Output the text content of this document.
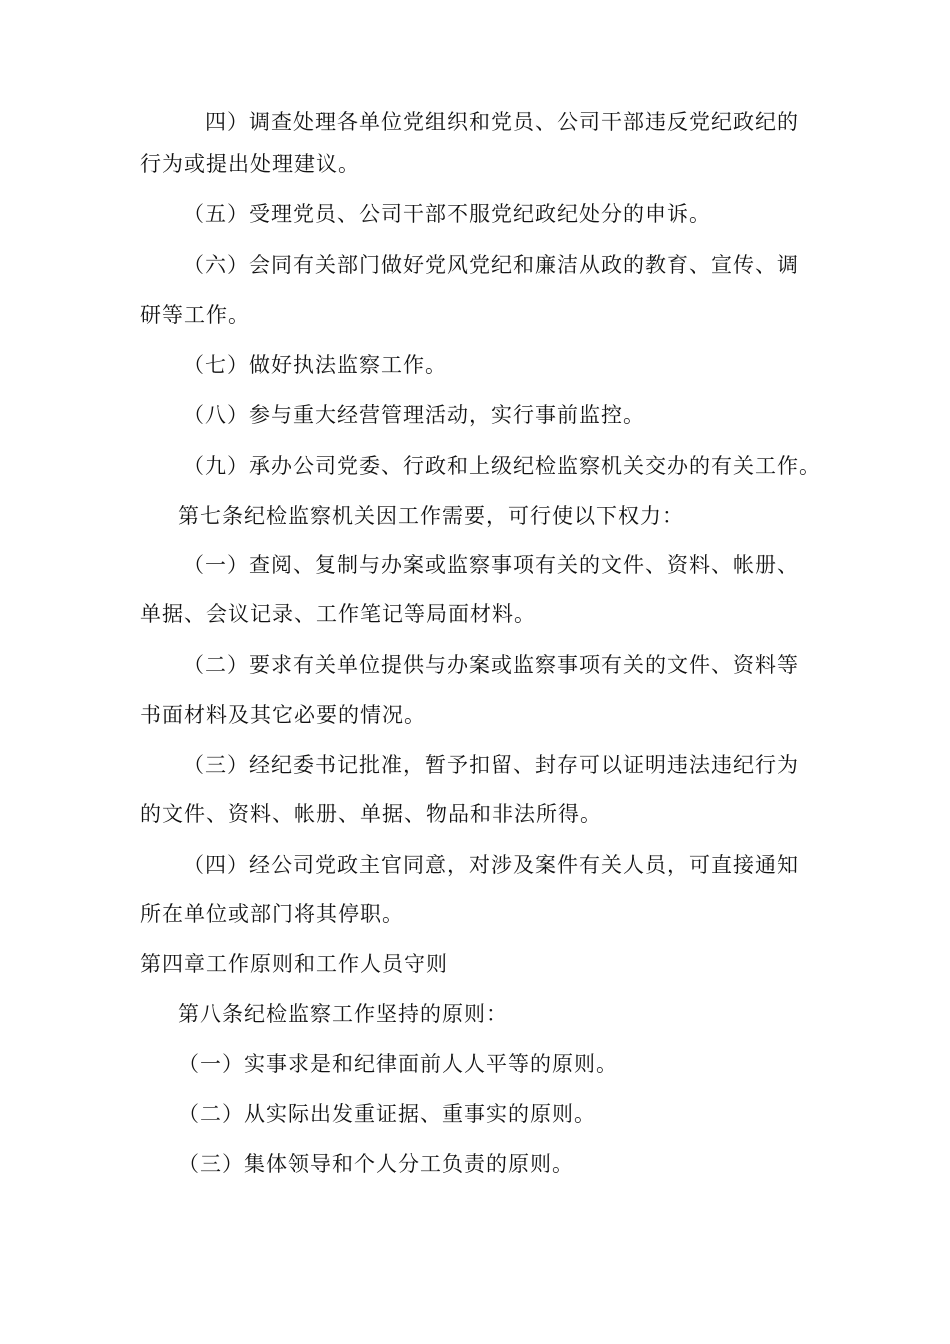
四）调查处理各单位党组织和党员、公司干部违反党纪政纪的
行为或提出处理建议。
（五）受理党员、公司干部不服党纪政纪处分的申诉。
（六）会同有关部门做好党风党纪和廉洁从政的教育、宣传、调
研等工作。
（七）做好执法监察工作。
（八）参与重大经营管理活动，实行事前监控。
（九）承办公司党委、行政和上级纪检监察机关交办的有关工作。
第七条纪检监察机关因工作需要，可行使以下权力：
（一）查阅、复制与办案或监察事项有关的文件、资料、帐册、
单据、会议记录、工作笔记等局面材料。
（二）要求有关单位提供与办案或监察事项有关的文件、资料等
书面材料及其它必要的情况。
（三）经纪委书记批准，暂予扣留、封存可以证明违法违纪行为
的文件、资料、帐册、单据、物品和非法所得。
（四）经公司党政主官同意，对涉及案件有关人员，可直接通知
所在单位或部门将其停职。
第四章工作原则和工作人员守则
第八条纪检监察工作坚持的原则：
（一）实事求是和纪律面前人人平等的原则。
（二）从实际出发重证据、重事实的原则。
（三）集体领导和个人分工负责的原则。
